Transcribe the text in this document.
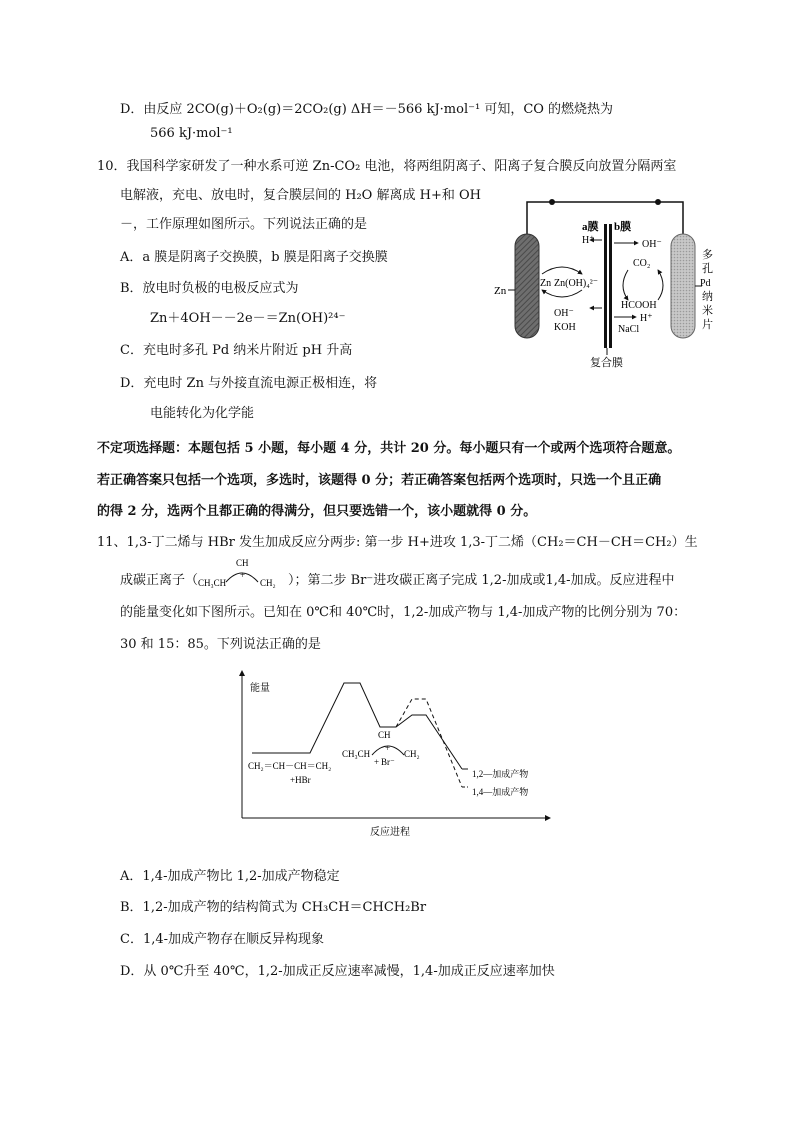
D．由反应 2CO(g)＋O₂(g)＝2CO₂(g) ΔH＝－566 kJ·mol⁻¹ 可知，CO 的燃烧热为
566 kJ·mol⁻¹
10．我国科学家研发了一种水系可逆 Zn-CO₂ 电池，将两组阴离子、阳离子复合膜反向放置分隔两室
电解液，充电、放电时，复合膜层间的 H₂O 解离成 H+和 OH
－，工作原理如图所示。下列说法正确的是
A．a 膜是阴离子交换膜，b 膜是阳离子交换膜
B．放电时负极的电极反应式为
Zn＋4OH－－2e－＝Zn(OH)²⁴⁻
C．充电时多孔 Pd 纳米片附近 pH 升高
D．充电时 Zn 与外接直流电源正极相连，将
电能转化为化学能
a膜 b膜
H⁺	OH⁻
Zn
Zn Zn(OH)₄²⁻
OH⁻
KOH
CO₂
HCOOH
H⁺
NaCl
复合膜
多
孔
Pd
纳
米
片
不定项选择题：本题包括 5 小题，每小题 4 分，共计 20 分。每小题只有一个或两个选项符合题意。
若正确答案只包括一个选项，多选时，该题得 0 分；若正确答案包括两个选项时，只选一个且正确
的得 2 分，选两个且都正确的得满分，但只要选错一个，该小题就得 0 分。
11、1,3-丁二烯与 HBr 发生加成反应分两步: 第一步 H+进攻 1,3-丁二烯（CH₂＝CH－CH＝CH₂）生
成碳正离子（
CH
+
CH₃CH	CH₂ ）；第二步 Br⁻进攻碳正离子完成 1,2-加成或1,4-加成。反应进程中
的能量变化如下图所示。已知在 0℃和 40℃时，1,2-加成产物与 1,4-加成产物的比例分别为 70：
30 和 15：85。下列说法正确的是
能量
反应进程
CH₂＝CH－CH＝CH₂
+HBr
CH
CH₃CH
+
CH₂
+ Br⁻
1,2—加成产物
1,4—加成产物
A．1,4-加成产物比 1,2-加成产物稳定
B．1,2-加成产物的结构简式为 CH₃CH＝CHCH₂Br
C．1,4-加成产物存在顺反异构现象
D．从 0℃升至 40℃，1,2-加成正反应速率减慢，1,4-加成正反应速率加快
